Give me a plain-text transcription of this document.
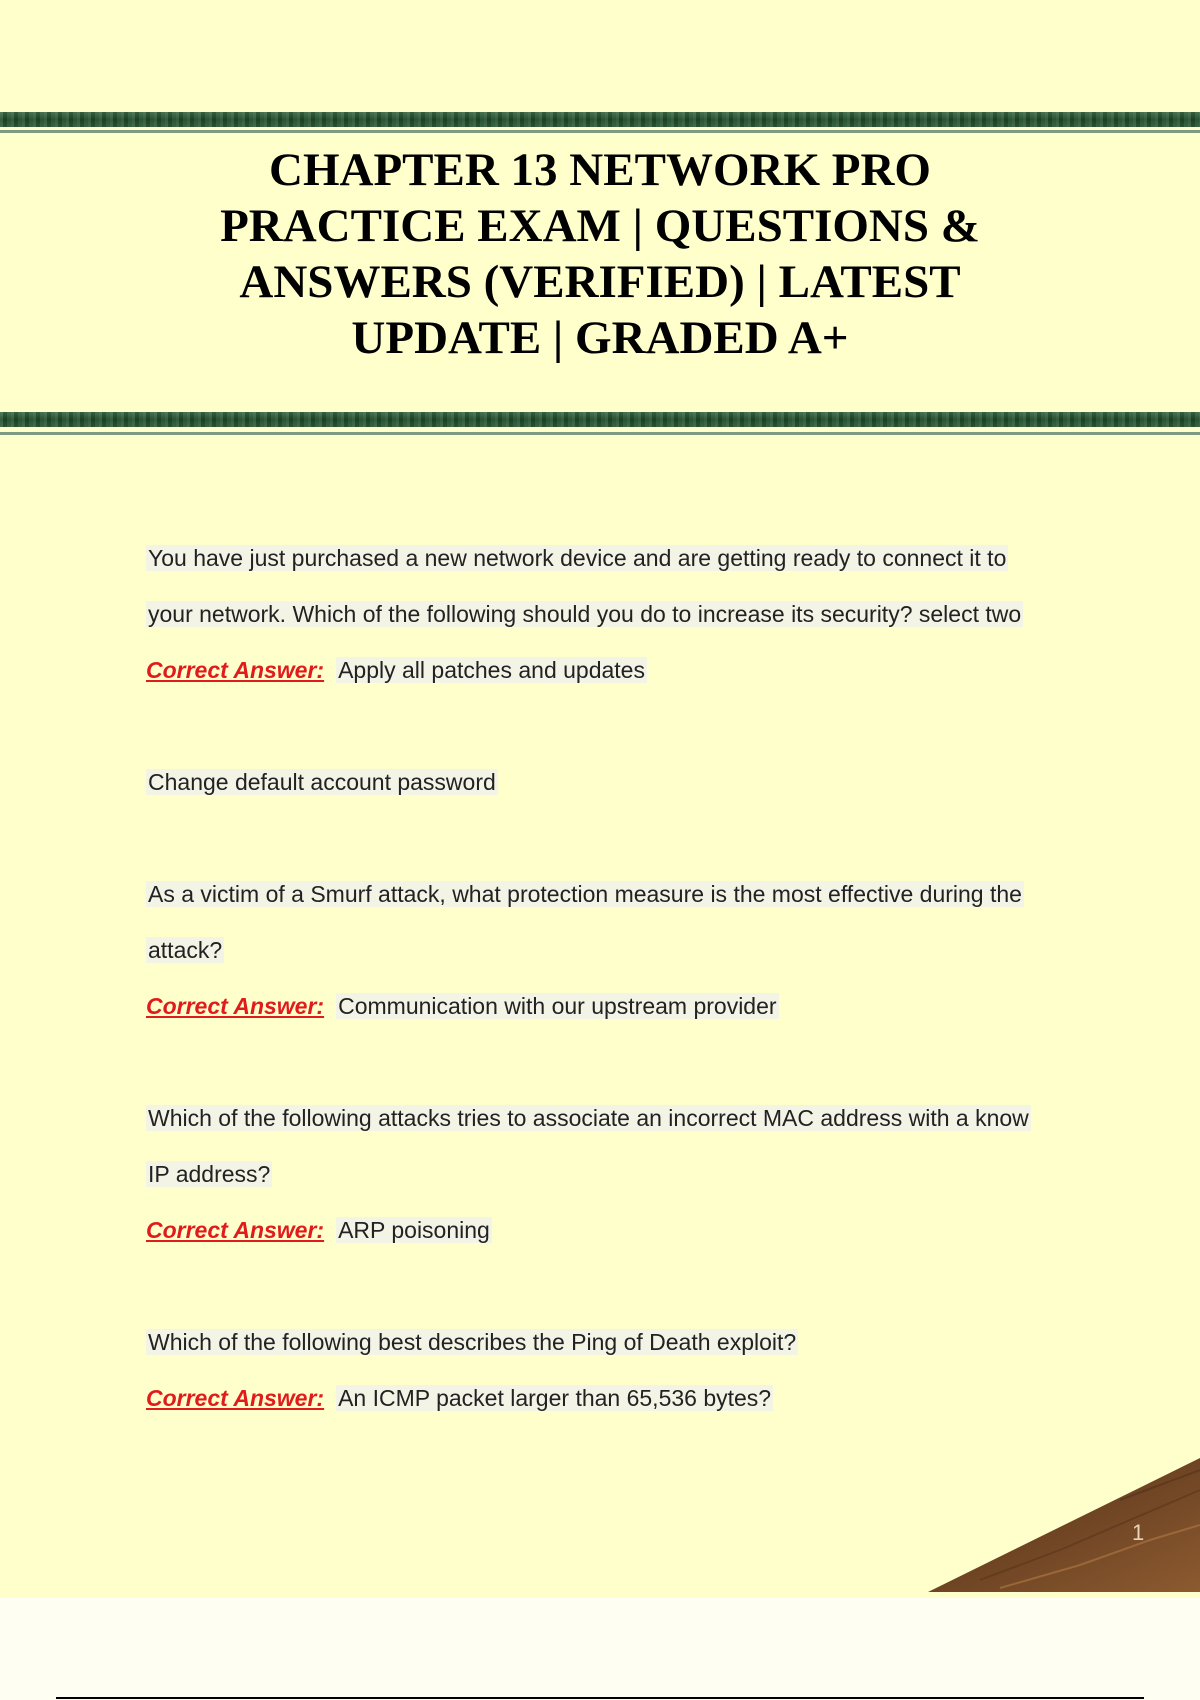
CHAPTER 13 NETWORK PRO PRACTICE EXAM | QUESTIONS & ANSWERS (VERIFIED) | LATEST UPDATE | GRADED A+
You have just purchased a new network device and are getting ready to connect it to
your network. Which of the following should you do to increase its security? select two
Correct Answer: Apply all patches and updates
Change default account password
As a victim of a Smurf attack, what protection measure is the most effective during the
attack?
Correct Answer: Communication with our upstream provider
Which of the following attacks tries to associate an incorrect MAC address with a know
IP address?
Correct Answer: ARP poisoning
Which of the following best describes the Ping of Death exploit?
Correct Answer: An ICMP packet larger than 65,536 bytes?
1
